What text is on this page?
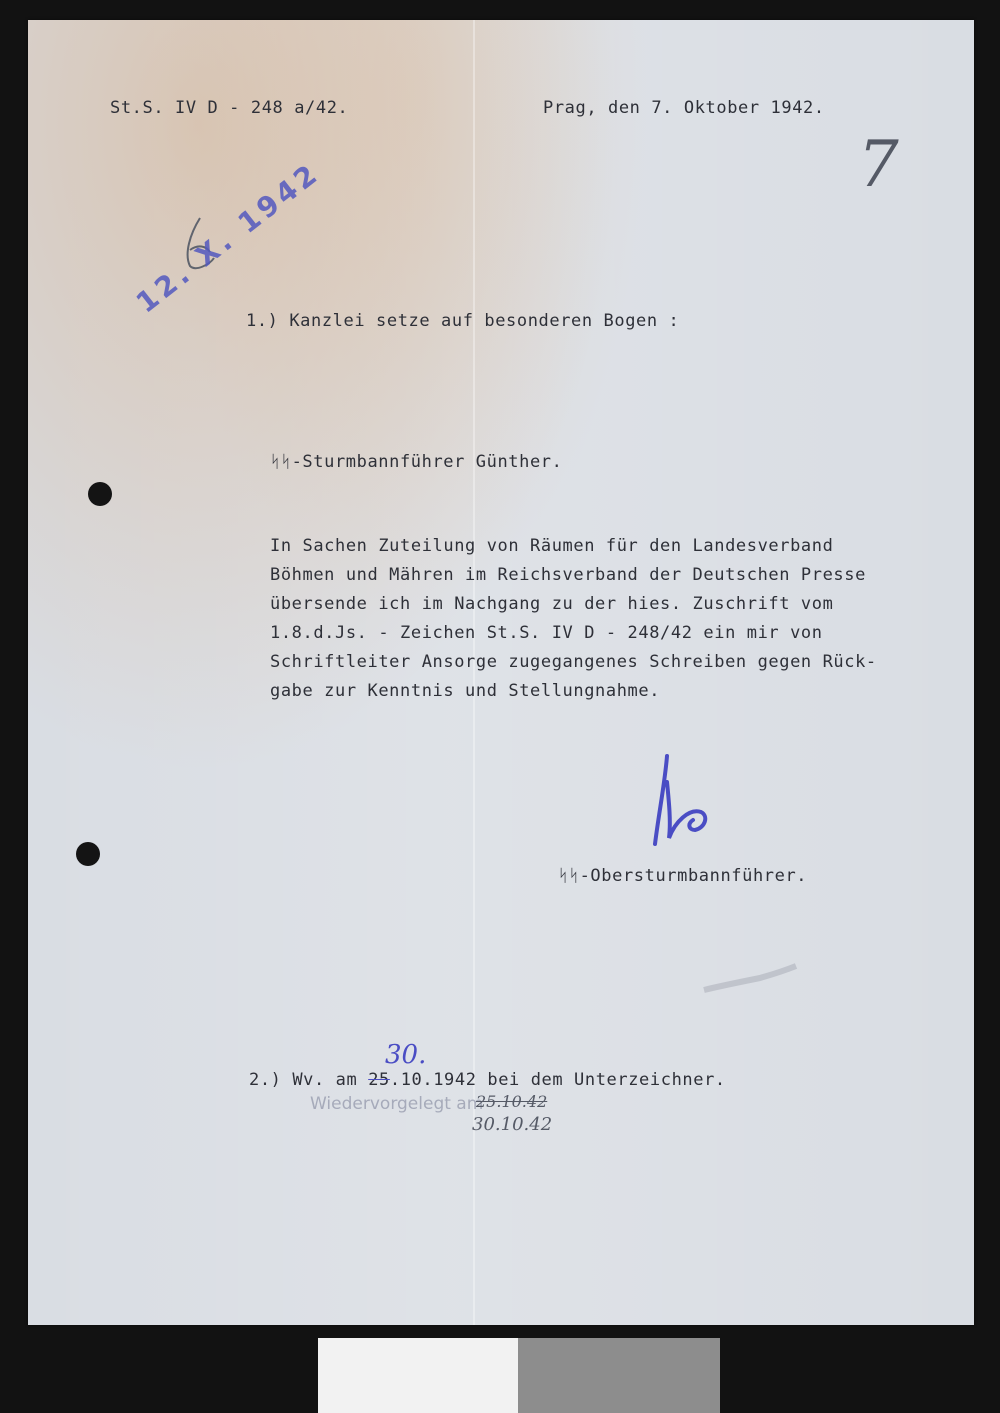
St.S. IV D - 248 a/42.	Prag, den 7. Oktober 1942.

7
12. X. 1942

1.) Kanzlei setze auf besonderen Bogen :

ᛋᛋ-Sturmbannführer Günther.

In Sachen Zuteilung von Räumen für den Landesverband
Böhmen und Mähren im Reichsverband der Deutschen Presse
übersende ich im Nachgang zu der hies. Zuschrift vom
1.8.d.Js. - Zeichen St.S. IV D - 248/42 ein mir von
Schriftleiter Ansorge zugegangenes Schreiben gegen Rück-
gabe zur Kenntnis und Stellungnahme.

ᛋᛋ-Obersturmbannführer.

30.

2.) Wv. am 25.10.1942 bei dem Unterzeichner.

Wiedervorgelegt am
25.10.42
30.10.42
